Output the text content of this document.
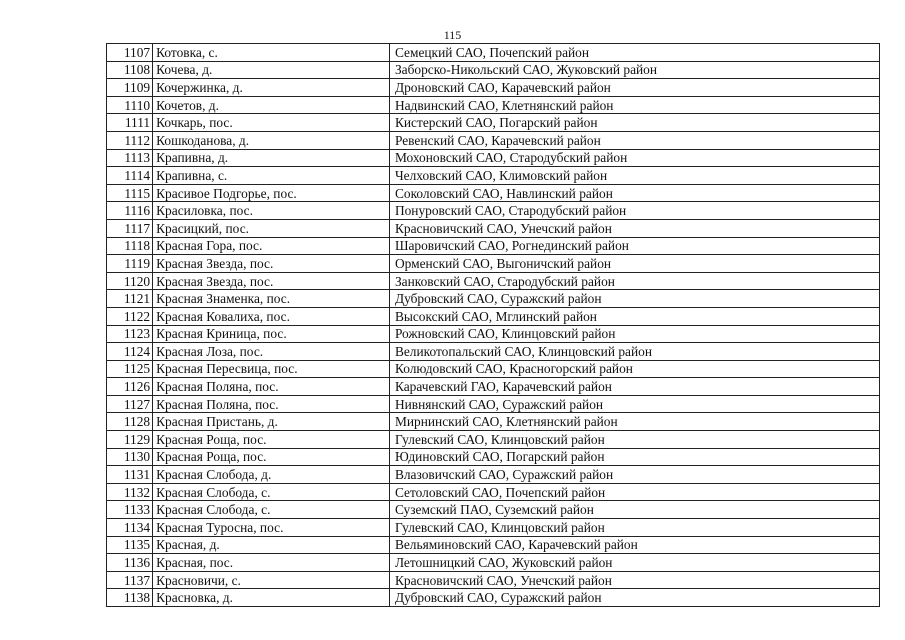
115
1107	Котовка, с.	Семецкий САО, Почепский район
1108	Кочева, д.	Заборско-Никольский САО, Жуковский район
1109	Кочержинка, д.	Дроновский САО, Карачевский район
1110	Кочетов, д.	Надвинский САО, Клетнянский район
1111	Кочкарь, пос.	Кистерский САО, Погарский район
1112	Кошкоданова, д.	Ревенский САО, Карачевский район
1113	Крапивна, д.	Мохоновский САО, Стародубский район
1114	Крапивна, с.	Челховский САО, Климовский район
1115	Красивое Подгорье, пос.	Соколовский САО, Навлинский район
1116	Красиловка, пос.	Понуровский САО, Стародубский район
1117	Красицкий, пос.	Красновичский САО, Унечский район
1118	Красная Гора, пос.	Шаровичский САО, Рогнединский район
1119	Красная Звезда, пос.	Орменский САО, Выгоничский район
1120	Красная Звезда, пос.	Занковский САО, Стародубский район
1121	Красная Знаменка, пос.	Дубровский САО, Суражский район
1122	Красная Ковалиха, пос.	Высокский САО, Мглинский район
1123	Красная Криница, пос.	Рожновский САО, Клинцовский район
1124	Красная Лоза, пос.	Великотопальский САО, Клинцовский район
1125	Красная Пересвица, пос.	Колюдовский САО, Красногорский район
1126	Красная Поляна, пос.	Карачевский ГАО, Карачевский район
1127	Красная Поляна, пос.	Нивнянский САО, Суражский район
1128	Красная Пристань, д.	Мирнинский САО, Клетнянский район
1129	Красная Роща, пос.	Гулевский САО, Клинцовский район
1130	Красная Роща, пос.	Юдиновский САО, Погарский район
1131	Красная Слобода, д.	Влазовичский САО, Суражский район
1132	Красная Слобода, с.	Сетоловский САО, Почепский район
1133	Красная Слобода, с.	Суземский ПАО, Суземский район
1134	Красная Туросна, пос.	Гулевский САО, Клинцовский район
1135	Красная, д.	Вельяминовский САО, Карачевский район
1136	Красная, пос.	Летошницкий САО, Жуковский район
1137	Красновичи, с.	Красновичский САО, Унечский район
1138	Красновка, д.	Дубровский САО, Суражский район
